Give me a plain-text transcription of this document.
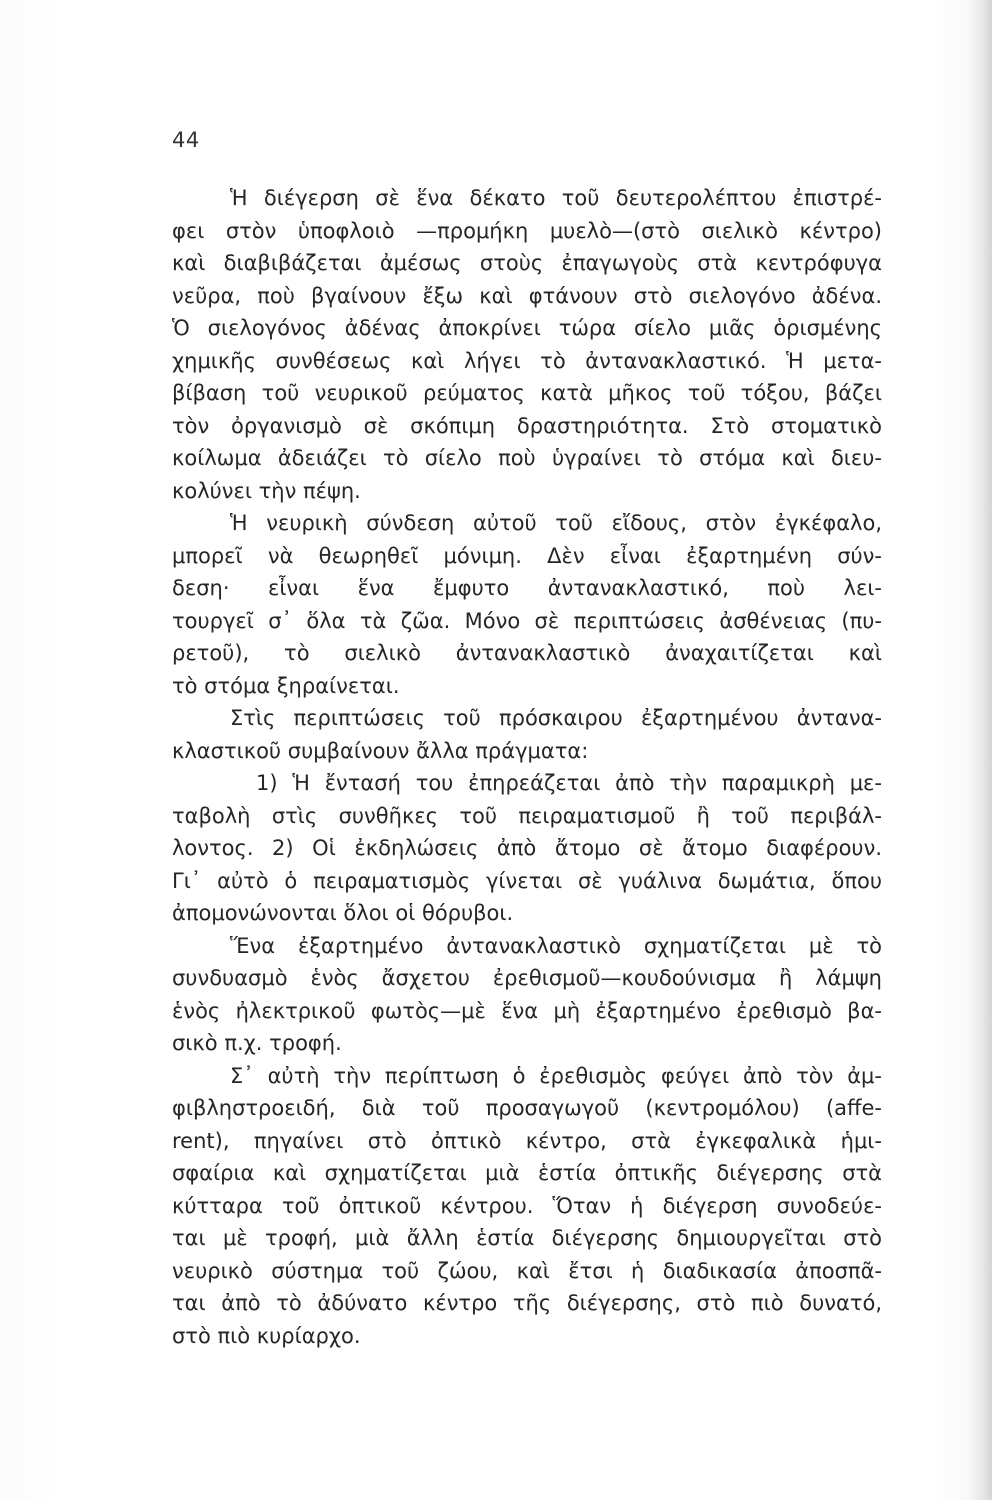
44

Ἡ διέγερση σὲ ἕνα δέκατο τοῦ δευτερολέπτου ἐπιστρέ-
φει στὸν ὑποφλοιὸ —προμήκη μυελὸ—(στὸ σιελικὸ κέντρο)
καὶ διαβιβάζεται ἀμέσως στοὺς ἐπαγωγοὺς στὰ κεντρόφυγα
νεῦρα, ποὺ βγαίνουν ἔξω καὶ φτάνουν στὸ σιελογόνο ἀδένα.
Ὁ σιελογόνος ἀδένας ἀποκρίνει τώρα σίελο μιᾶς ὁρισμένης
χημικῆς συνθέσεως καὶ λήγει τὸ ἀντανακλαστικό. Ἡ μετα-
βίβαση τοῦ νευρικοῦ ρεύματος κατὰ μῆκος τοῦ τόξου, βάζει
τὸν ὀργανισμὸ σὲ σκόπιμη δραστηριότητα. Στὸ στοματικὸ
κοίλωμα ἀδειάζει τὸ σίελο ποὺ ὑγραίνει τὸ στόμα καὶ διευ-
κολύνει τὴν πέψη.
Ἡ νευρικὴ σύνδεση αὐτοῦ τοῦ εἴδους, στὸν ἐγκέφαλο,
μπορεῖ νὰ θεωρηθεῖ μόνιμη. Δὲν εἶναι ἐξαρτημένη σύν-
δεση· εἶναι ἕνα ἔμφυτο ἀντανακλαστικό, ποὺ λει-
τουργεῖ σ᾽ ὅλα τὰ ζῶα. Μόνο σὲ περιπτώσεις ἀσθένειας (πυ-
ρετοῦ), τὸ σιελικὸ ἀντανακλαστικὸ ἀναχαιτίζεται καὶ
τὸ στόμα ξηραίνεται.
Στὶς περιπτώσεις τοῦ πρόσκαιρου ἐξαρτημένου ἀντανα-
κλαστικοῦ συμβαίνουν ἄλλα πράγματα:
1) Ἡ ἔντασή του ἐπηρεάζεται ἀπὸ τὴν παραμικρὴ με-
ταβολὴ στὶς συνθῆκες τοῦ πειραματισμοῦ ἢ τοῦ περιβάλ-
λοντος. 2) Οἱ ἐκδηλώσεις ἀπὸ ἄτομο σὲ ἄτομο διαφέρουν.
Γι᾽ αὐτὸ ὁ πειραματισμὸς γίνεται σὲ γυάλινα δωμάτια, ὅπου
ἀπομονώνονται ὅλοι οἱ θόρυβοι.
Ἕνα ἐξαρτημένο ἀντανακλαστικὸ σχηματίζεται μὲ τὸ
συνδυασμὸ ἑνὸς ἄσχετου ἐρεθισμοῦ—κουδούνισμα ἢ λάμψη
ἑνὸς ἠλεκτρικοῦ φωτὸς—μὲ ἕνα μὴ ἐξαρτημένο ἐρεθισμὸ βα-
σικὸ π.χ. τροφή.
Σ᾽ αὐτὴ τὴν περίπτωση ὁ ἐρεθισμὸς φεύγει ἀπὸ τὸν ἀμ-
φιβληστροειδή, διὰ τοῦ προσαγωγοῦ (κεντρομόλου) (affe-
rent), πηγαίνει στὸ ὀπτικὸ κέντρο, στὰ ἐγκεφαλικὰ ἡμι-
σφαίρια καὶ σχηματίζεται μιὰ ἑστία ὀπτικῆς διέγερσης στὰ
κύτταρα τοῦ ὀπτικοῦ κέντρου. Ὅταν ἡ διέγερση συνοδεύε-
ται μὲ τροφή, μιὰ ἄλλη ἑστία διέγερσης δημιουργεῖται στὸ
νευρικὸ σύστημα τοῦ ζώου, καὶ ἔτσι ἡ διαδικασία ἀποσπᾶ-
ται ἀπὸ τὸ ἀδύνατο κέντρο τῆς διέγερσης, στὸ πιὸ δυνατό,
στὸ πιὸ κυρίαρχο.
